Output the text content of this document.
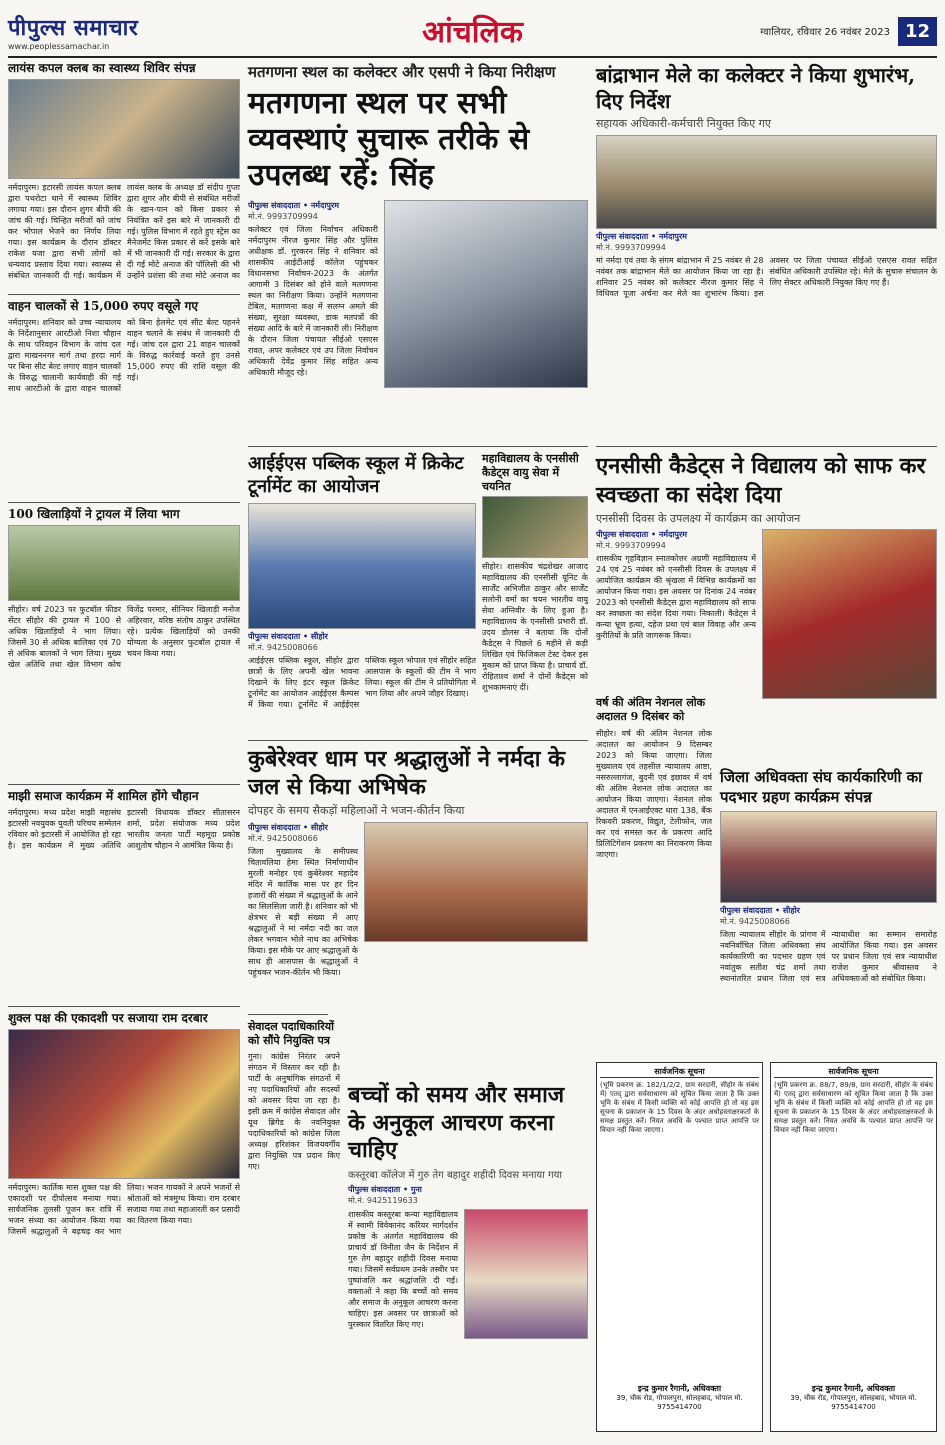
पीपुल्स समाचार
www.peoplessamachar.in	आंचलिक	ग्वालियर, रविवार 26 नवंबर 2023 12
लायंस कपल क्लब का स्वास्थ्य शिविर संपन्न
नर्मदापुरम। इटारसी लायंस कपल क्लब द्वारा पथरोटा थाने में स्वास्थ्य शिविर लगाया गया। इस दौरान शुगर बीपी की जांच की गई। चिन्हित मरीजों को जांच कर भोपाल भेजने का निर्णय लिया गया। इस कार्यक्रम के दौरान डॉक्टर राकेश यजा द्वारा सभी लोगों को धन्यवाद प्रस्ताव दिया गया। स्वास्थ्य से संबंधित जानकारी दी गई। कार्यक्रम में लायंस क्लब के अध्यक्ष डॉ संदीप गुप्ता द्वारा शुगर और बीपी से संबंधित मरीजों के खान-पान को किस प्रकार से नियंत्रित करें इस बारे में जानकारी दी गई। पुलिस विभाग में रहते हुए स्ट्रेस का मैनेजमेंट किस प्रकार से करें इसके बारे में भी जानकारी दी गई। सरकार के द्वारा दी गई मोटे अनाज की पॉलिसी की भी उन्होंने प्रशंसा की तथा मोटे अनाज का
वाहन चालकों से 15,000 रुपए वसूले गए
नर्मदापुरम। शनिवार को उच्च न्यायालय के निर्देशानुसार आरटीओ निशा चौहान के साथ परिवहन विभाग के जांच दल द्वारा माखननगर मार्ग तथा हरदा मार्ग पर बिना सीट बेल्ट लगाए वाहन चालकों के विरुद्ध चालानी कार्यवाही की गई साथ आरटीओ के द्वारा वाहन चालकों को बिना हेलमेट एवं सीट बेल्ट पहनने वाहन चलाने के संबंध में जानकारी दी गई। जांच दल द्वारा 21 वाहन चालकों के विरुद्ध कार्रवाई करते हुए उनसे 15,000 रुपए की राशि वसूल की गई।
100 खिलाड़ियों ने ट्रायल में लिया भाग
सीहोर। वर्ष 2023 पर फुटबॉल फीडर सेंटर सीहोर की ट्रायल में 100 से अधिक खिलाड़ियों ने भाग लिया। जिसमें 30 से अधिक बालिका एवं 70 से अधिक बालकों ने भाग लिया। मुख्य खेल अतिथि तथा खेल विभाग कोच विजेंद्र परमार, सीनियर खिलाड़ी मनोज अहिरवार, वरिष्ठ संतोष ठाकुर उपस्थित रहे। प्रत्येक खिलाड़ियों को उनकी योग्यता के अनुसार फुटबॉल ट्रायल में चयन किया गया।
माझी समाज कार्यक्रम में शामिल होंगे चौहान
नर्मदापुरम। मध्य प्रदेश माझी महासंघ इटारसी नवयुवक युवती परिचय सम्मेलन रविवार को इटारसी में आयोजित हो रहा है। इस कार्यक्रम में मुख्य अतिथि इटारसी विधायक डॉक्टर सीतासरन शर्मा, प्रदेश संयोजक मध्य प्रदेश भारतीय जनता पार्टी महमूदा प्रकोष्ठ आशुतोष चौहान ने आमंत्रित किया है।
शुक्ल पक्ष की एकादशी पर सजाया राम दरबार
नर्मदापुरम। कार्तिक मास शुक्ल पक्ष की एकादशी पर दीपोत्सव मनाया गया। सार्वजनिक तुलसी पूजन कर रात्रि में भजन संध्या का आयोजन किया गया जिसमें श्रद्धालुओं ने बढ़चढ़ कर भाग लिया। भजन गायकों ने अपने भजनों से श्रोताओं को मंत्रमुग्ध किया। राम दरबार सजाया गया तथा महाआरती कर प्रसादी का वितरण किया गया।
मतगणना स्थल का कलेक्टर और एसपी ने किया निरीक्षण
मतगणना स्थल पर सभी व्यवस्थाएं सुचारू तरीके से उपलब्ध रहें: सिंह
पीपुल्स संवाददाता • नर्मदापुरम
मो.नं. 9993709994
कलेक्टर एवं जिला निर्वाचन अधिकारी नर्मदापुरम नीरज कुमार सिंह और पुलिस अधीक्षक डॉ. गुरकरन सिंह ने शनिवार को शासकीय आईटीआई कॉलेज पहुंचकर विधानसभा निर्वाचन-2023 के अंतर्गत आगामी 3 दिसंबर को होने वाले मतगणना स्थल का निरीक्षण किया। उन्होंने मतगणना टेबिल, मतगणना कक्ष में सलग्न अमले की संख्या, सुरक्षा व्यवस्था, डाक मतपत्रों की संख्या आदि के बारे में जानकारी ली। निरीक्षण के दौरान जिला पंचायत सीईओ एसएस रावत, अपर कलेक्टर एवं उप जिला निर्वाचन अधिकारी देवेंद्र कुमार सिंह सहित अन्य अधिकारी मौजूद रहे।
आईईएस पब्लिक स्कूल में क्रिकेट टूर्नामेंट का आयोजन
पीपुल्स संवाददाता • सीहोर
मो.नं. 9425008066
आईईएस पब्लिक स्कूल, सीहोर द्वारा छात्रों के लिए अपनी खेल भावना दिखाने के लिए इंटर स्कूल क्रिकेट टूर्नामेंट का आयोजन आईईएस कैम्पस में किया गया। टूर्नामेंट में आईईएस पब्लिक स्कूल भोपाल एवं सीहोर सहित आसपास के स्कूलों की टीम ने भाग लिया। स्कूल की टीम ने प्रतियोगिता में भाग लिया और अपने जौहर दिखाए।
महाविद्यालय के एनसीसी कैडेट्स वायु सेवा में चयनित
सीहोर। शासकीय चंद्रशेखर आजाद महाविद्यालय की एनसीसी यूनिट के सार्जेंट अभिजीत ठाकुर और सार्जेंट सलोनी वर्मा का चयन भारतीय वायु सेवा अग्निवीर के लिए हुआ है। महाविद्यालय के एनसीसी प्रभारी डॉ. उदय डोलस ने बताया कि दोनों कैडेट्स ने पिछले 6 महीने से कड़ी लिखित एवं फिजिकल टेस्ट देकर इस मुकाम को प्राप्त किया है। प्राचार्य डॉ. रोहिताश्व शर्मा ने दोनों कैडेट्स को शुभकामनाएं दीं।
कुबेरेश्वर धाम पर श्रद्धालुओं ने नर्मदा के जल से किया अभिषेक
दोपहर के समय सैकड़ों महिलाओं ने भजन-कीर्तन किया
पीपुल्स संवाददाता • सीहोर
मो.नं. 9425008066
जिला मुख्यालय के समीपस्थ चितावलिया हेमा स्थित निर्माणाधीन मुरली मनोहर एवं कुबेरेश्वर महादेव मंदिर में कार्तिक मास पर हर दिन हजारों की संख्या में श्रद्धालुओं के आने का सिलसिला जारी है। शनिवार को भी क्षेत्रभर से बड़ी संख्या में आए श्रद्धालुओं ने मां नर्मदा नदी का जल लेकर भगवान भोले नाथ का अभिषेक किया। इस मौके पर आए श्रद्धालुओं के साथ ही आसपास के श्रद्धालुओं ने पहुंचकर भजन-कीर्तन भी किया।
सेवादल पदाधिकारियों को सौंपे नियुक्ति पत्र
गुना। कांग्रेस निरंतर अपने संगठन में विस्तार कर रही है। पार्टी के अनुषांगिक संगठनों में नए पदाधिकारियों और सदस्यों को अवसर दिया जा रहा है। इसी क्रम में कांग्रेस सेवादल और यूथ ब्रिगेड के नवनियुक्त पदाधिकारियों को कांग्रेस जिला अध्यक्ष हरिशंकर विजयवर्गीय द्वारा नियुक्ति पत्र प्रदान किए गए।
बच्चों को समय और समाज के अनुकूल आचरण करना चाहिए
कस्तूरबा कॉलेज में गुरु तेग बहादुर शहीदी दिवस मनाया गया
पीपुल्स संवाददाता • गुना
मो.नं. 9425119633
शासकीय कस्तूरबा कन्या महाविद्यालय में स्वामी विवेकानंद करियर मार्गदर्शन प्रकोष्ठ के अंतर्गत महाविद्यालय की प्राचार्य डॉ विनीता जैन के निर्देशन में गुरु तेग बहादुर शहीदी दिवस मनाया गया। जिसमें सर्वप्रथम उनके तस्वीर पर पुष्पांजलि कर श्रद्धांजलि दी गई। वक्ताओं ने कहा कि बच्चों को समय और समाज के अनुकूल आचरण करना चाहिए। इस अवसर पर छात्राओं को पुरस्कार वितरित किए गए।
बांद्राभान मेले का कलेक्टर ने किया शुभारंभ, दिए निर्देश
सहायक अधिकारी-कर्मचारी नियुक्त किए गए
पीपुल्स संवाददाता • नर्मदापुरम
मो.नं. 9993709994
मां नर्मदा एवं तवा के संगम बांद्राभान में 25 नवंबर से 28 नवंबर तक बांद्राभान मेले का आयोजन किया जा रहा है। शनिवार 25 नवंबर को कलेक्टर नीरज कुमार सिंह ने विधिवत पूजा अर्चना कर मेले का शुभारंभ किया। इस अवसर पर जिला पंचायत सीईओ एसएस रावत सहित संबंधित अधिकारी उपस्थित रहे। मेले के सुचारु संचालन के लिए सेक्टर अधिकारी नियुक्त किए गए हैं।
एनसीसी कैडेट्स ने विद्यालय को साफ कर स्वच्छता का संदेश दिया
एनसीसी दिवस के उपलक्ष्य में कार्यक्रम का आयोजन
पीपुल्स संवाददाता • नर्मदापुरम
मो.नं. 9993709994
शासकीय गृहविज्ञान स्नातकोत्तर अग्रणी महाविद्यालय में 24 एवं 25 नवंबर को एनसीसी दिवस के उपलक्ष्य में आयोजित कार्यक्रम की श्रृंखला में विभिन्न कार्यक्रमों का आयोजन किया गया। इस अवसर पर दिनांक 24 नवंबर 2023 को एनसीसी कैडेट्स द्वारा महाविद्यालय को साफ कर स्वच्छता का संदेश दिया गया। निकाली। कैडेट्स ने कन्या भ्रूण हत्या, दहेज प्रथा एवं बाल विवाह और अन्य कुरीतियों के प्रति जागरूक किया।
वर्ष की अंतिम नेशनल लोक अदालत 9 दिसंबर को
सीहोर। वर्ष की अंतिम नेशनल लोक अदालत का आयोजन 9 दिसम्बर 2023 को किया जाएगा। जिला मुख्यालय एवं तहसील न्यायालय आष्टा, नसरुल्लागंज, बुदनी एवं इछावर में वर्ष की अंतिम नेशनल लोक अदालत का आयोजन किया जाएगा। नेशनल लोक अदालत में एनआईएक्ट धारा 138, बैंक रिकवरी प्रकरण, विद्युत, टेलीफोन, जल कर एवं समस्त कर के प्रकरण आदि प्रिलिटिगेशन प्रकरण का निराकरण किया जाएगा।
जिला अधिवक्ता संघ कार्यकारिणी का पदभार ग्रहण कार्यक्रम संपन्न
पीपुल्स संवाददाता • सीहोर
मो.नं. 9425008066
जिला न्यायालय सीहोर के प्रांगण में नवनिर्वाचित जिला अधिवक्ता संघ कार्यकारिणी का पदभार ग्रहण एवं नवांतुक सतीश चंद्र शर्मा तथा स्थानांतरित प्रधान जिला एवं सत्र न्यायाधीश का सम्मान समारोह आयोजित किया गया। इस अवसर पर प्रधान जिला एवं सत्र न्यायाधीश राजेश कुमार श्रीवास्तव ने अधिवक्ताओं को संबोधित किया।
सार्वजनिक सूचना
(भूमि प्रकरण क्र. 182/1/2/2, ग्राम सरदारी, सीहोर के संबंध में) एतद् द्वारा सर्वसाधारण को सूचित किया जाता है कि उक्त भूमि के संबंध में किसी व्यक्ति को कोई आपत्ति हो तो वह इस सूचना के प्रकाशन के 15 दिवस के अंदर अधोहस्ताक्षरकर्ता के समक्ष प्रस्तुत करें। नियत अवधि के पश्चात प्राप्त आपत्ति पर विचार नहीं किया जाएगा।
इन्द्र कुमार रैगानी, अधिवक्ता
39, चौक रोड, गोपालपुरा, सोलहबाद, भोपाल मो. 9755414700
सार्वजनिक सूचना
(भूमि प्रकरण क्र. 88/7, 89/8, ग्राम सरदारी, सीहोर के संबंध में) एतद् द्वारा सर्वसाधारण को सूचित किया जाता है कि उक्त भूमि के संबंध में किसी व्यक्ति को कोई आपत्ति हो तो वह इस सूचना के प्रकाशन के 15 दिवस के अंदर अधोहस्ताक्षरकर्ता के समक्ष प्रस्तुत करें। नियत अवधि के पश्चात प्राप्त आपत्ति पर विचार नहीं किया जाएगा।
इन्द्र कुमार रैगानी, अधिवक्ता
39, चौक रोड, गोपालपुरा, सोलहबाद, भोपाल मो. 9755414700
